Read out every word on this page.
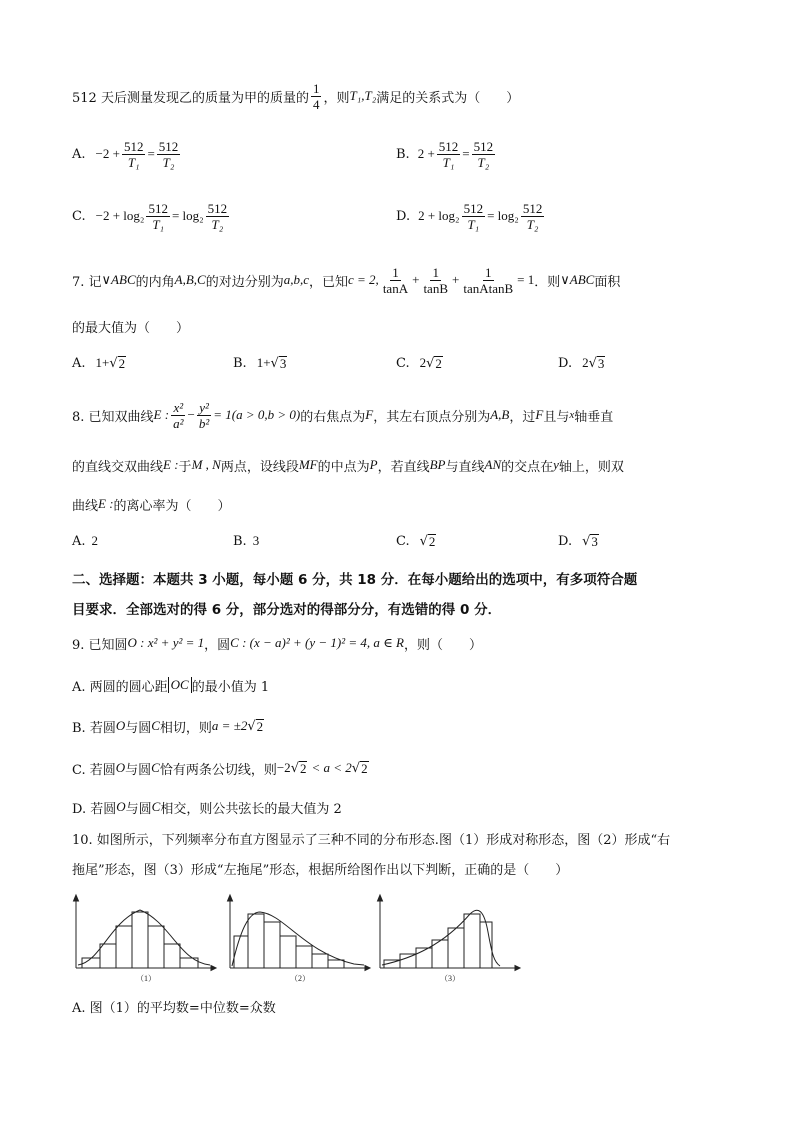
512 天后测量发现乙的质量为甲的质量的 $\frac{1}{4}$ ，则 T₁,T₂ 满足的关系式为（　　）
A. $-2 + \frac{512}{\text{T₁}} = \frac{512}{\text{T₂}}$	B. $2 + \frac{512}{\text{T₁}} = \frac{512}{\text{T₂}}$
C. $-2 + \log_2 \frac{512}{\text{T₁}} = \log_2 \frac{512}{\text{T₂}}$	D. $2 + \log_2 \frac{512}{\text{T₁}} = \log_2 \frac{512}{\text{T₂}}$
7. 记 ∨ABC 的内角 A,B,C 的对边分别为 a,b,c ，已知 c = 2, $\frac{1}{\tan A} + \frac{1}{\tan B} + \frac{1}{\text{tanAtanB}} = 1$ ．则 ∨ABC 面积
的最大值为（　　）
A. 1+ √ 2	B. 1+ √ 3	C. 2 √ 2	D. 2 √ 3
8. 已知双曲线 E : $\frac{\text{x²}}{\text{a²}} - \frac{\text{y²}}{\text{b²}} = 1(a > 0,b > 0)$ 的右焦点为 F ，其左右顶点分别为 A,B ，过 F 且与 x 轴垂直
的直线交双曲线 E : 于 M , N 两点，设线段 MF 的中点为 P ，若直线 BP 与直线 AN 的交点在 y 轴上，则双
曲线 E : 的离心率为（　　）
A. 2	B. 3	C. √ 2	D. √ 3
二、选择题：本题共 3 小题，每小题 6 分，共 18 分．在每小题给出的选项中，有多项符合题
目要求．全部选对的得 6 分，部分选对的得部分分，有选错的得 0 分．
9. 已知圆 O : x² + y² = 1 ，圆 C : (x − a)² + (y − 1)² = 4, a ∈ R ，则（　　）
A. 两圆的圆心距 OC 的最小值为 1
B. 若圆 O 与圆 C 相切，则 a = ±2 √ 2
C. 若圆 O 与圆 C 恰有两条公切线，则 −2 √ 2 < a < 2 √ 2
D. 若圆 O 与圆 C 相交，则公共弦长的最大值为 2
10. 如图所示，下列频率分布直方图显示了三种不同的分布形态.图（1）形成对称形态，图（2）形成“右
拖尾”形态，图（3）形成“左拖尾”形态，根据所给图作出以下判断，正确的是（　　）
（1）	（2）	（3）
A. 图（1）的平均数=中位数=众数
